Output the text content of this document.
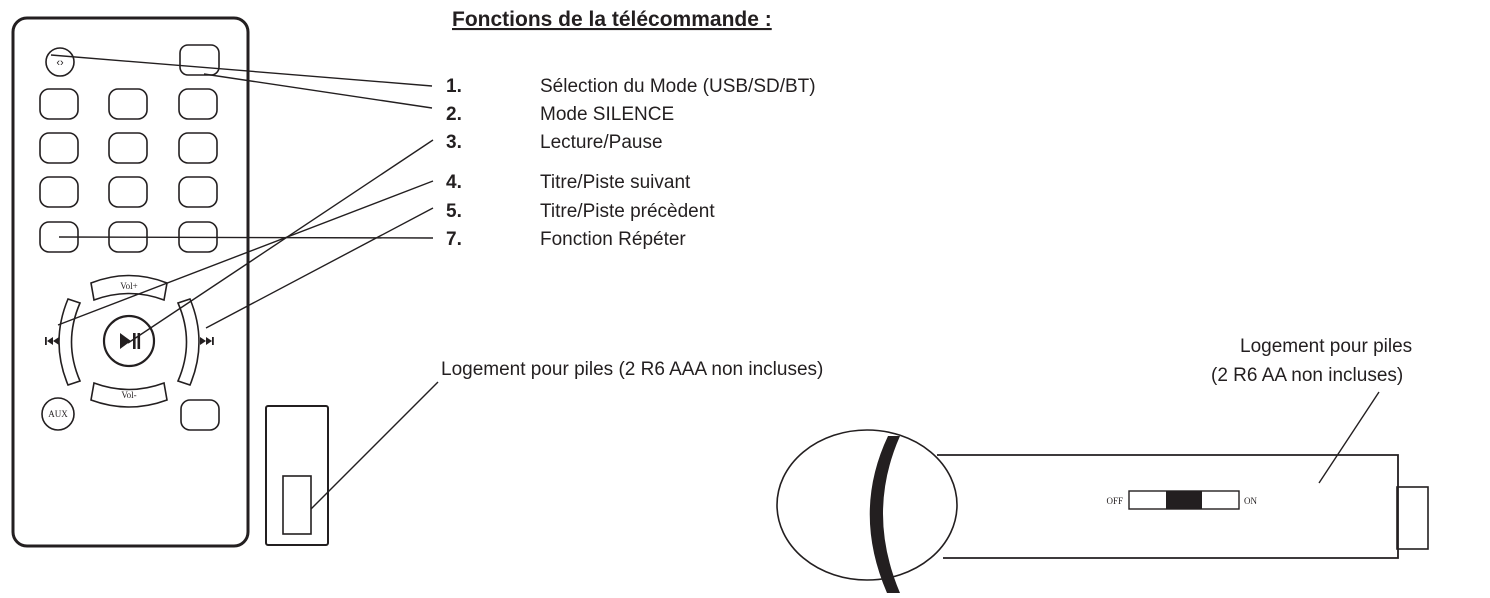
‹›
Vol+
Vol-
AUX
Fonctions de la télécommande :
1.	Sélection du Mode (USB/SD/BT)
2.	Mode SILENCE
3.	Lecture/Pause
4.	Titre/Piste suivant
5.	Titre/Piste précèdent
7.	Fonction Répéter
Logement pour piles (2 R6 AAA non incluses)
Logement pour piles
(2 R6 AA non incluses)
OFF	ON
